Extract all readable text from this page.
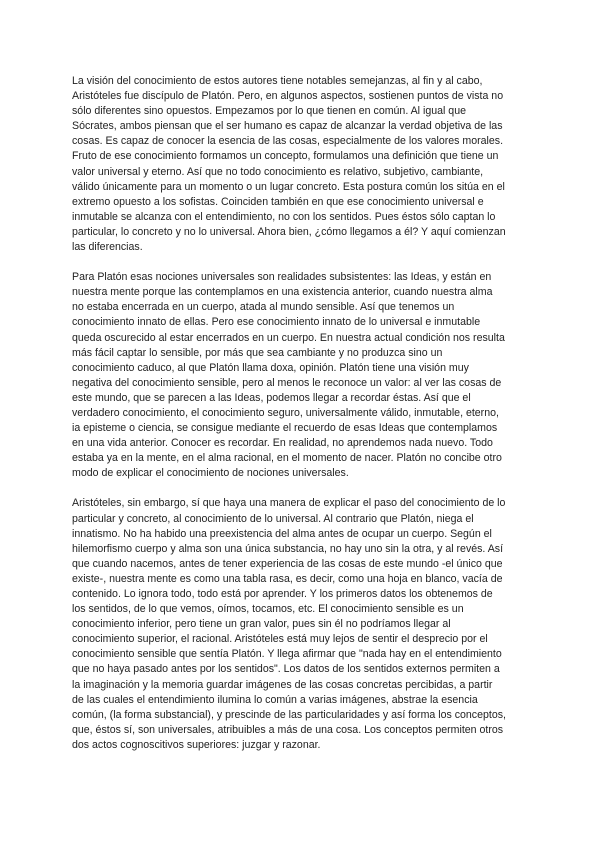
La visión del conocimiento de estos autores tiene notables semejanzas, al fin y al cabo,
Aristóteles fue discípulo de Platón. Pero, en algunos aspectos, sostienen puntos de vista no
sólo diferentes sino opuestos. Empezamos por lo que tienen en común. Al igual que
Sócrates, ambos piensan que el ser humano es capaz de alcanzar la verdad objetiva de las
cosas. Es capaz de conocer la esencia de las cosas, especialmente de los valores morales.
Fruto de ese conocimiento formamos un concepto, formulamos una definición que tiene un
valor universal y eterno. Así que no todo conocimiento es relativo, subjetivo, cambiante,
válido únicamente para un momento o un lugar concreto. Esta postura común los sitúa en el
extremo opuesto a los sofistas. Coinciden también en que ese conocimiento universal e
inmutable se alcanza con el entendimiento, no con los sentidos. Pues éstos sólo captan lo
particular, lo concreto y no lo universal. Ahora bien, ¿cómo llegamos a él? Y aquí comienzan
las diferencias.

Para Platón esas nociones universales son realidades subsistentes: las Ideas, y están en
nuestra mente porque las contemplamos en una existencia anterior, cuando nuestra alma
no estaba encerrada en un cuerpo, atada al mundo sensible. Así que tenemos un
conocimiento innato de ellas. Pero ese conocimiento innato de lo universal e inmutable
queda oscurecido al estar encerrados en un cuerpo. En nuestra actual condición nos resulta
más fácil captar lo sensible, por más que sea cambiante y no produzca sino un
conocimiento caduco, al que Platón llama doxa, opinión. Platón tiene una visión muy
negativa del conocimiento sensible, pero al menos le reconoce un valor: al ver las cosas de
este mundo, que se parecen a las Ideas, podemos llegar a recordar éstas. Así que el
verdadero conocimiento, el conocimiento seguro, universalmente válido, inmutable, eterno,
ia episteme o ciencia, se consigue mediante el recuerdo de esas Ideas que contemplamos
en una vida anterior. Conocer es recordar. En realidad, no aprendemos nada nuevo. Todo
estaba ya en la mente, en el alma racional, en el momento de nacer. Platón no concibe otro
modo de explicar el conocimiento de nociones universales.

Aristóteles, sin embargo, sí que haya una manera de explicar el paso del conocimiento de lo
particular y concreto, al conocimiento de lo universal. Al contrario que Platón, niega el
innatismo. No ha habido una preexistencia del alma antes de ocupar un cuerpo. Según el
hilemorfismo cuerpo y alma son una única substancia, no hay uno sin la otra, y al revés. Así
que cuando nacemos, antes de tener experiencia de las cosas de este mundo -el único que
existe-, nuestra mente es como una tabla rasa, es decir, como una hoja en blanco, vacía de
contenido. Lo ignora todo, todo está por aprender. Y los primeros datos los obtenemos de
los sentidos, de lo que vemos, oímos, tocamos, etc. El conocimiento sensible es un
conocimiento inferior, pero tiene un gran valor, pues sin él no podríamos llegar al
conocimiento superior, el racional. Aristóteles está muy lejos de sentir el desprecio por el
conocimiento sensible que sentía Platón. Y llega afirmar que "nada hay en el entendimiento
que no haya pasado antes por los sentidos". Los datos de los sentidos externos permiten a
la imaginación y la memoria guardar imágenes de las cosas concretas percibidas, a partir
de las cuales el entendimiento ilumina lo común a varias imágenes, abstrae la esencia
común, (la forma substancial), y prescinde de las particularidades y así forma los conceptos,
que, éstos sí, son universales, atribuibles a más de una cosa. Los conceptos permiten otros
dos actos cognoscitivos superiores: juzgar y razonar.
